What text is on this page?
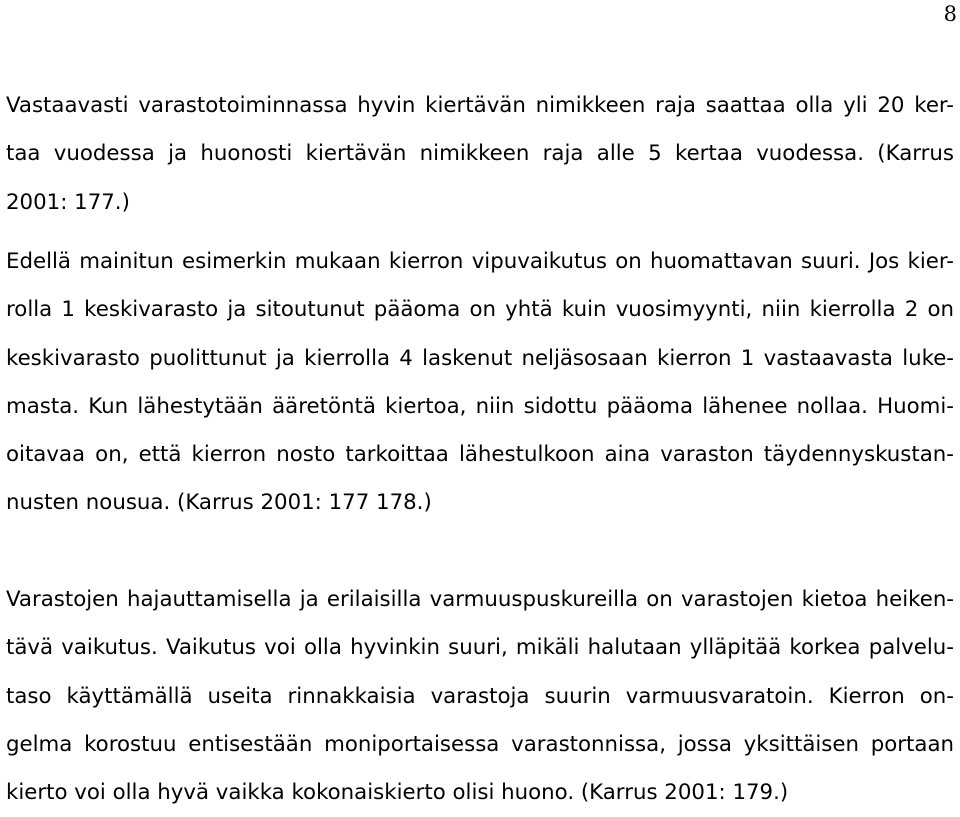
8
Vastaavasti varastotoiminnassa hyvin kiertävän nimikkeen raja saattaa olla yli 20 ker-
taa vuodessa ja huonosti kiertävän nimikkeen raja alle 5 kertaa vuodessa. (Karrus
2001: 177.)
Edellä mainitun esimerkin mukaan kierron vipuvaikutus on huomattavan suuri. Jos kier-
rolla 1 keskivarasto ja sitoutunut pääoma on yhtä kuin vuosimyynti, niin kierrolla 2 on
keskivarasto puolittunut ja kierrolla 4 laskenut neljäsosaan kierron 1 vastaavasta luke-
masta. Kun lähestytään ääretöntä kiertoa, niin sidottu pääoma lähenee nollaa. Huomi-
oitavaa on, että kierron nosto tarkoittaa lähestulkoon aina varaston täydennyskustan-
nusten nousua. (Karrus 2001: 177 178.)
Varastojen hajauttamisella ja erilaisilla varmuuspuskureilla on varastojen kietoa heiken-
tävä vaikutus. Vaikutus voi olla hyvinkin suuri, mikäli halutaan ylläpitää korkea palvelu-
taso käyttämällä useita rinnakkaisia varastoja suurin varmuusvaratoin. Kierron on-
gelma korostuu entisestään moniportaisessa varastonnissa, jossa yksittäisen portaan
kierto voi olla hyvä vaikka kokonaiskierto olisi huono. (Karrus 2001: 179.)
